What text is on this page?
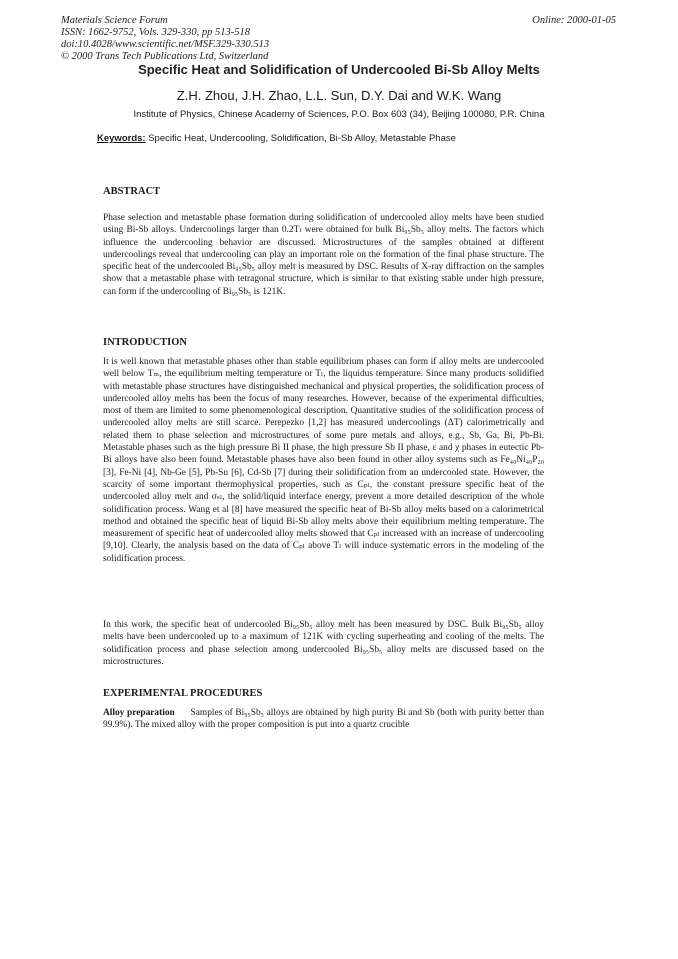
Materials Science Forum
ISSN: 1662-9752, Vols. 329-330, pp 513-518
doi:10.4028/www.scientific.net/MSF.329-330.513
© 2000 Trans Tech Publications Ltd, Switzerland
Online: 2000-01-05
Specific Heat and Solidification of Undercooled Bi-Sb Alloy Melts
Z.H. Zhou, J.H. Zhao, L.L. Sun, D.Y. Dai and W.K. Wang
Institute of Physics, Chinese Academy of Sciences, P.O. Box 603 (34), Beijing 100080, P.R. China
Keywords: Specific Heat, Undercooling, Solidification, Bi-Sb Alloy, Metastable Phase
ABSTRACT

Phase selection and metastable phase formation during solidification of undercooled alloy melts have been studied using Bi-Sb alloys. Undercoolings larger than 0.2Tₗ were obtained for bulk Bi₉₅Sb₅ alloy melts. The factors which influence the undercooling behavior are discussed. Microstructures of the samples obtained at different undercoolings reveal that undercooling can play an important role on the formation of the final phase structure. The specific heat of the undercooled Bi₉₅Sb₅ alloy melt is measured by DSC. Results of X-ray diffraction on the samples show that a metastable phase with tetragonal structure, which is similar to that existing stable under high pressure, can form if the undercooling of Bi₉₅Sb₅ is 121K.

INTRODUCTION

It is well known that metastable phases other than stable equilibrium phases can form if alloy melts are undercooled well below Tₘ, the equilibrium melting temperature or Tₗ, the liquidus temperature. Since many products solidified with metastable phase structures have distinguished mechanical and physical properties, the solidification process of undercooled alloy melts has been the focus of many researches. However, because of the experimental difficulties, most of them are limited to some phenomenological description. Quantitative studies of the solidification process of undercooled alloy melts are still scarce. Perepezko [1,2] has measured undercoolings (ΔT) calorimetrically and related them to phase selection and microstructures of some pure metals and alloys, e.g., Sb, Ga, Bi, Pb-Bi. Metastable phases such as the high pressure Bi II phase, the high pressure Sb II phase, ε and χ phases in eutectic Pb-Bi alloys have also been found. Metastable phases have also been found in other alloy systems such as Fe₄₀Ni₄₀P₂₀ [3], Fe-Ni [4], Nb-Ge [5], Pb-Sn [6], Cd-Sb [7] during their solidification from an undercooled state. However, the scarcity of some important thermophysical properties, such as Cₚₗ, the constant pressure specific heat of the undercooled alloy melt and σₛₗ, the solid/liquid interface energy, prevent a more detailed description of the whole solidification process. Wang et al [8] have measured the specific heat of Bi-Sb alloy melts based on a calorimetrical method and obtained the specific heat of liquid Bi-Sb alloy melts above their equilibrium melting temperature. The measurement of specific heat of undercooled alloy melts showed that Cₚₗ increased with an increase of undercooling [9,10]. Clearly, the analysis based on the data of Cₚₗ above Tₗ will induce systematic errors in the modeling of the solidification process.

In this work, the specific heat of undercooled Bi₉₅Sb₅ alloy melt has been measured by DSC. Bulk Bi₉₅Sb₅ alloy melts have been undercooled up to a maximum of 121K with cycling superheating and cooling of the melts. The solidification process and phase selection among undercooled Bi₉₅Sb₅ alloy melts are discussed based on the microstructures.

EXPERIMENTAL PROCEDURES

Alloy preparation Samples of Bi₉₅Sb₅ alloys are obtained by high purity Bi and Sb (both with purity better than 99.9%). The mixed alloy with the proper composition is put into a quartz crucible
